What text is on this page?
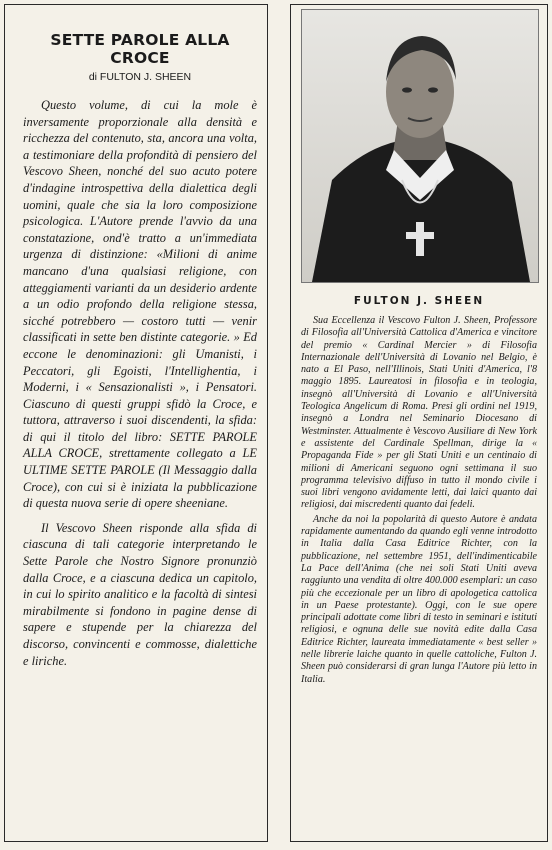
SETTE PAROLE ALLA CROCE
di FULTON J. SHEEN

Questo volume, di cui la mole è inversamente proporzionale alla densità e ricchezza del contenuto, sta, ancora una volta, a testimoniare della profondità di pensiero del Vescovo Sheen, nonché del suo acuto potere d'indagine introspettiva della dialettica degli uomini, quale che sia la loro composizione psicologica. L'Autore prende l'avvio da una constatazione, ond'è tratto a un'immediata urgenza di distinzione: «Milioni di anime mancano d'una qualsiasi religione, con atteggiamenti varianti da un desiderio ardente a un odio profondo della religione stessa, sicché potrebbero — costoro tutti — venir classificati in sette ben distinte categorie. » Ed eccone le denominazioni: gli Umanisti, i Peccatori, gli Egoisti, l'Intellighentia, i Moderni, i « Sensazionalisti », i Pensatori. Ciascuno di questi gruppi sfidò la Croce, e tuttora, attraverso i suoi discendenti, la sfida: di qui il titolo del libro: SETTE PAROLE ALLA CROCE, strettamente collegato a LE ULTIME SETTE PAROLE (Il Messaggio dalla Croce), con cui si è iniziata la pubblicazione di questa nuova serie di opere sheeniane.

Il Vescovo Sheen risponde alla sfida di ciascuna di tali categorie interpretando le Sette Parole che Nostro Signore pronunziò dalla Croce, e a ciascuna dedica un capitolo, in cui lo spirito analitico e la facoltà di sintesi mirabilmente si fondono in pagine dense di sapere e stupende per la chiarezza del discorso, convincenti e commosse, dialettiche e liriche.

FULTON J. SHEEN

Sua Eccellenza il Vescovo Fulton J. Sheen, Professore di Filosofia all'Università Cattolica d'America e vincitore del premio « Cardinal Mercier » di Filosofia Internazionale dell'Università di Lovanio nel Belgio, è nato a El Paso, nell'Illinois, Stati Uniti d'America, l'8 maggio 1895. Laureatosi in filosofia e in teologia, insegnò all'Università di Lovanio e all'Università Teologica Angelicum di Roma. Presi gli ordini nel 1919, insegnò a Londra nel Seminario Diocesano di Westminster. Attualmente è Vescovo Ausiliare di New York e assistente del Cardinale Spellman, dirige la « Propaganda Fide » per gli Stati Uniti e un centinaio di milioni di Americani seguono ogni settimana il suo programma televisivo diffuso in tutto il mondo civile i suoi libri vengono avidamente letti, dai laici quanto dai religiosi, dai miscredenti quanto dai fedeli.

Anche da noi la popolarità di questo Autore è andata rapidamente aumentando da quando egli venne introdotto in Italia dalla Casa Editrice Richter, con la pubblicazione, nel settembre 1951, dell'indimenticabile La Pace dell'Anima (che nei soli Stati Uniti aveva raggiunto una vendita di oltre 400.000 esemplari: un caso più che eccezionale per un libro di apologetica cattolica in un Paese protestante). Oggi, con le sue opere principali adottate come libri di testo in seminari e istituti religiosi, e ognuna delle sue novità edite dalla Casa Editrice Richter, laureata immediatamente « best seller » nelle librerie laiche quanto in quelle cattoliche, Fulton J. Sheen può considerarsi di gran lunga l'Autore più letto in Italia.
